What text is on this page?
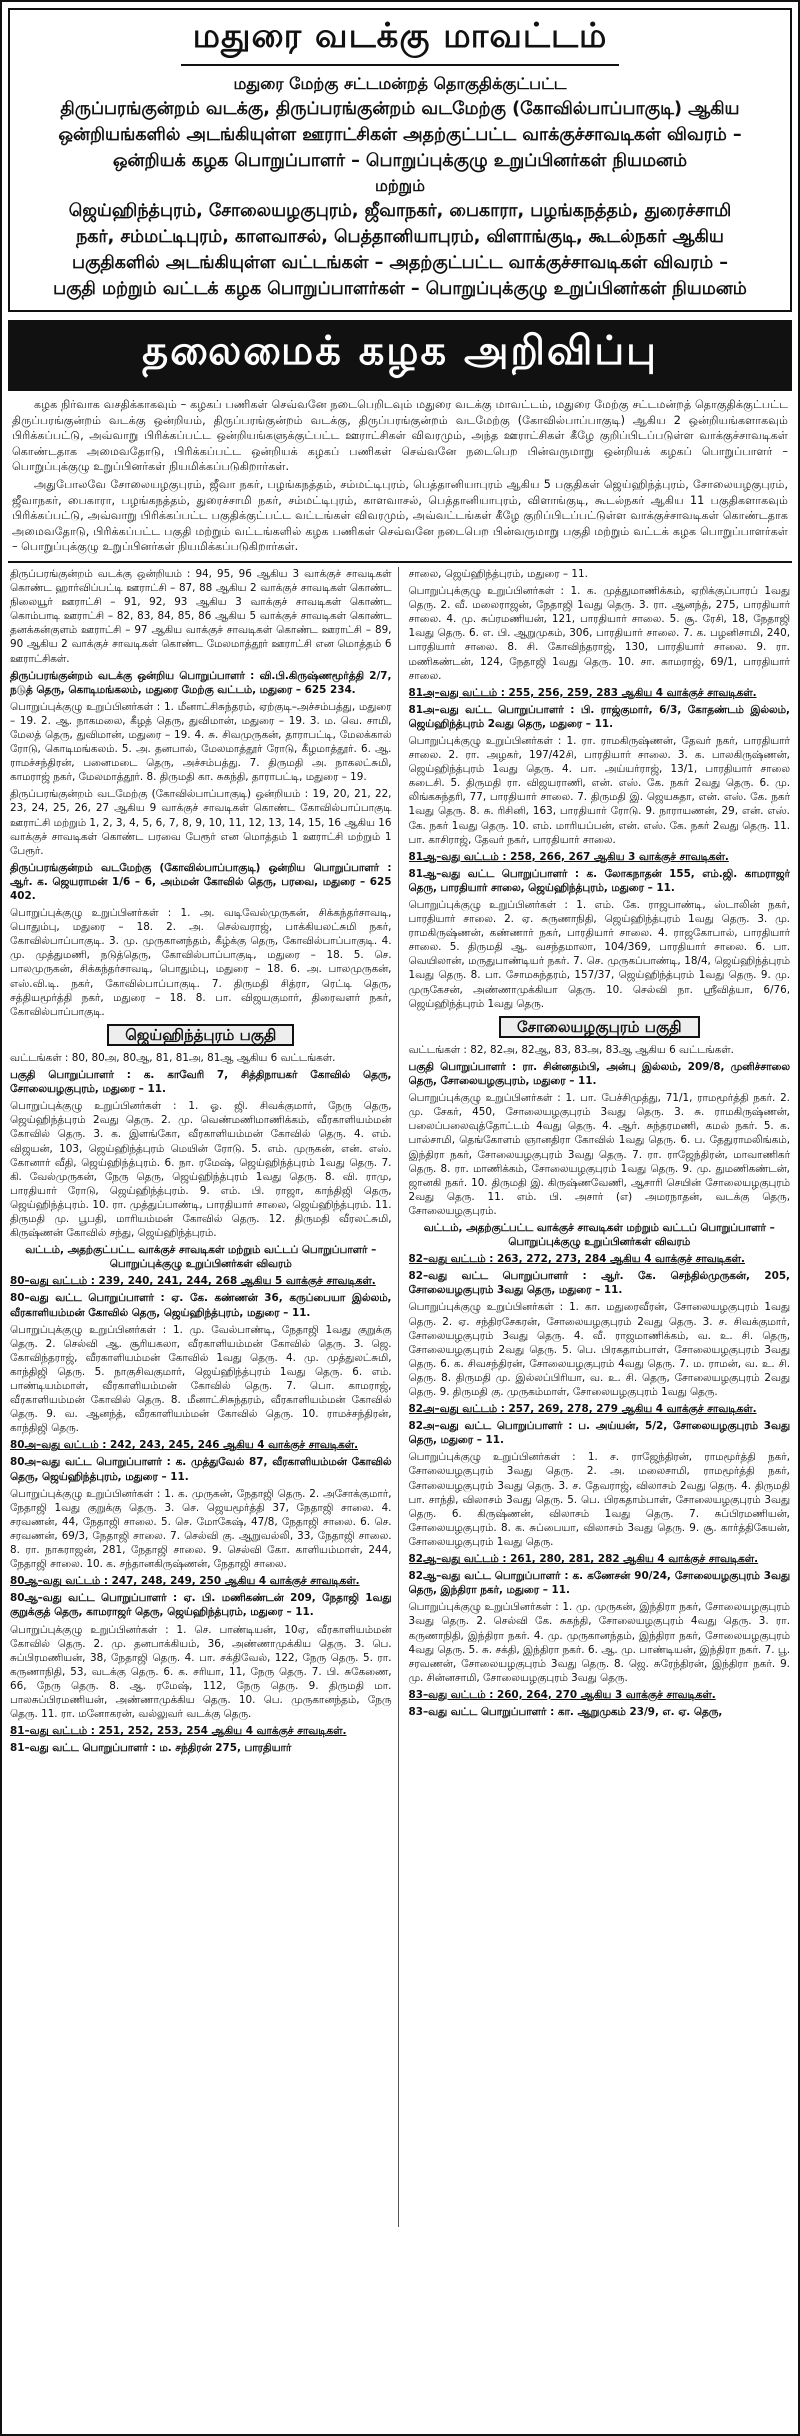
மதுரை வடக்கு மாவட்டம்

மதுரை மேற்கு சட்டமன்றத் தொகுதிக்குட்பட்ட

திருப்பரங்குன்றம் வடக்கு, திருப்பரங்குன்றம் வடமேற்கு (கோவில்பாப்பாகுடி) ஆகிய

ஒன்றியங்களில் அடங்கியுள்ள ஊராட்சிகள் அதற்குட்பட்ட வாக்குச்சாவடிகள் விவரம் –

ஒன்றியக் கழக பொறுப்பாளர் – பொறுப்புக்குழு உறுப்பினர்கள் நியமனம்

மற்றும்

ஜெய்ஹிந்த்புரம், சோலையழகுபுரம், ஜீவாநகர், பைகாரா, பழங்கநத்தம், துரைச்சாமி

நகர், சம்மட்டிபுரம், காளவாசல், பெத்தானியாபுரம், விளாங்குடி, கூடல்நகர் ஆகிய

பகுதிகளில் அடங்கியுள்ள வட்டங்கள் – அதற்குட்பட்ட வாக்குச்சாவடிகள் விவரம் –

பகுதி மற்றும் வட்டக் கழக பொறுப்பாளர்கள் – பொறுப்புக்குழு உறுப்பினர்கள் நியமனம்

தலைமைக் கழக அறிவிப்பு

கழக நிர்வாக வசதிக்காகவும் – கழகப் பணிகள் செவ்வனே நடைபெறிடவும் மதுரை வடக்கு மாவட்டம், மதுரை மேற்கு சட்டமன்றத் தொகுதிக்குட்பட்ட திருப்பரங்குன்றம் வடக்கு ஒன்றியம், திருப்பரங்குன்றம் வடக்கு, திருப்பரங்குன்றம் வடமேற்கு (கோவில்பாப்பாகுடி) ஆகிய 2 ஒன்றியங்களாகவும் பிரிக்கப்பட்டு, அவ்வாறு பிரிக்கப்பட்ட ஒன்றியங்களுக்குட்பட்ட ஊராட்சிகள் விவரமும், அந்த ஊராட்சிகள் கீழே குறிப்பிடப்படுள்ள வாக்குச்சாவடிகள் கொண்டதாக அமைவதோடு, பிரிக்கப்பட்ட ஒன்றியக் கழகப் பணிகள் செவ்வனே நடைபெற பின்வருமாறு ஒன்றியக் கழகப் பொறுப்பாளர் – பொறுப்புக்குழு உறுப்பினர்கள் நியமிக்கப்படுகிறார்கள்.

அதுபோலவே சோலையழகுபுரம், ஜீவா நகர், பழங்கநத்தம், சம்மட்டிபுரம், பெத்தானியாபுரம் ஆகிய 5 பகுதிகள் ஜெய்ஹிந்த்புரம், சோலையழகுபுரம், ஜீவாநகர், பைகாரா, பழங்கநத்தம், துரைச்சாமி நகர், சம்மட்டிபுரம், காளவாசல், பெத்தானியாபுரம், விளாங்குடி, கூடல்நகர் ஆகிய 11 பகுதிகளாகவும் பிரிக்கப்பட்டு, அவ்வாறு பிரிக்கப்பட்ட பகுதிக்குட்பட்ட வட்டங்கள் விவரமும், அவ்வட்டங்கள் கீழே குறிப்பிடப்பட்டுள்ள வாக்குச்சாவடிகள் கொண்டதாக அமைவதோடு, பிரிக்கப்பட்ட பகுதி மற்றும் வட்டங்களில் கழக பணிகள் செவ்வனே நடைபெற பின்வருமாறு பகுதி மற்றும் வட்டக் கழக பொறுப்பாளர்கள் – பொறுப்புக்குழு உறுப்பினர்கள் நியமிக்கப்படுகிறார்கள்.

திருப்பரங்குன்றம் வடக்கு ஒன்றியம் : 94, 95, 96 ஆகிய 3 வாக்குச் சாவடிகள் கொண்ட ஹார்விப்பட்டி ஊராட்சி – 87, 88 ஆகிய 2 வாக்குச் சாவடிகள் கொண்ட நிலையூர் ஊராட்சி – 91, 92, 93 ஆகிய 3 வாக்குச் சாவடிகள் கொண்ட கொம்பாடி ஊராட்சி – 82, 83, 84, 85, 86 ஆகிய 5 வாக்குச் சாவடிகள் கொண்ட தனக்கன்குளம் ஊராட்சி – 97 ஆகிய வாக்குச் சாவடிகள் கொண்ட ஊராட்சி – 89, 90 ஆகிய 2 வாக்குச் சாவடிகள் கொண்ட மேலமாத்தூர் ஊராட்சி என மொத்தம் 6 ஊராட்சிகள்.

திருப்பரங்குன்றம் வடக்கு ஒன்றிய பொறுப்பாளர் : வி.பி.கிருஷ்ணமூர்த்தி 2/7, நடுத் தெரு, கொடிமங்கலம், மதுரை மேற்கு வட்டம், மதுரை – 625 234.

பொறுப்புக்குழு உறுப்பினர்கள் : 1. மீனாட்சிசுந்தரம், ஏற்குடி–அச்சம்பத்து, மதுரை – 19. 2. ஆ. நாகமலை, கீழத் தெரு, துவிமான், மதுரை – 19. 3. ம. வெ. சாமி, மேலத் தெரு, துவிமான், மதுரை – 19. 4. சு. சிவமுருகன், தாராபட்டி, மேலக்கால் ரோடு, கொடிமங்கலம். 5. அ. தனபால், மேலமாத்தூர் ரோடு, கீழமாத்தூர். 6. ஆ. ராமச்சந்திரன், பனைமடை தெரு, அச்சம்பத்து. 7. திருமதி அ. நாகலட்சுமி, காமராஜ் நகர், மேலமாத்தூர். 8. திருமதி கா. சுகந்தி, தாராபட்டி, மதுரை – 19.

திருப்பரங்குன்றம் வடமேற்கு (கோவில்பாப்பாகுடி) ஒன்றியம் : 19, 20, 21, 22, 23, 24, 25, 26, 27 ஆகிய 9 வாக்குச் சாவடிகள் கொண்ட கோவில்பாப்பாகுடி ஊராட்சி மற்றும் 1, 2, 3, 4, 5, 6, 7, 8, 9, 10, 11, 12, 13, 14, 15, 16 ஆகிய 16 வாக்குச் சாவடிகள் கொண்ட பரவை பேரூர் என மொத்தம் 1 ஊராட்சி மற்றும் 1 பேரூர்.

திருப்பரங்குன்றம் வடமேற்கு (கோவில்பாப்பாகுடி) ஒன்றிய பொறுப்பாளர் : ஆர். க. ஜெயராமன் 1/6 – 6, அம்மன் கோவில் தெரு, பரவை, மதுரை – 625 402.

பொறுப்புக்குழு உறுப்பினர்கள் : 1. அ. வடிவேல்முருகன், சிக்கந்தர்சாவடி, பொதும்பு, மதுரை – 18. 2. அ. செல்வராஜ், பாக்கியலட்சுமி நகர், கோவில்பாப்பாகுடி. 3. மு. முருகானந்தம், கீழ்க்கு தெரு, கோவில்பாப்பாகுடி. 4. மு. முத்துமணி, நடுத்தெரு, கோவில்பாப்பாகுடி, மதுரை – 18. 5. செ. பாலமுருகன், சிக்கந்தர்சாவடி, பொதும்பு, மதுரை – 18. 6. அ. பாலமுருகன், எஸ்.வி.டி. நகர், கோவில்பாப்பாகுடி. 7. திருமதி சித்ரா, ரெட்டி தெரு, சத்தியமூர்த்தி நகர், மதுரை – 18. 8. பா. விஜயகுமார், திரைவளர் நகர், கோவில்பாப்பாகுடி.

ஜெய்ஹிந்த்புரம் பகுதி

வட்டங்கள் : 80, 80அ, 80ஆ, 81, 81அ, 81ஆ ஆகிய 6 வட்டங்கள்.

பகுதி பொறுப்பாளர் : க. காவேரி 7, சித்திநாயகர் கோவில் தெரு, சோலையழகுபுரம், மதுரை – 11.

பொறுப்புக்குழு உறுப்பினர்கள் : 1. ஓ. ஜி. சிவக்குமார், நேரு தெரு, ஜெய்ஹிந்த்புரம் 2வது தெரு. 2. மு. வெண்மணிமாணிக்கம், வீரகாளியம்மன் கோவில் தெரு. 3. க. இளங்கோ, வீரகாளியம்மன் கோவில் தெரு. 4. எம். விஜயன், 103, ஜெய்ஹிந்த்புரம் மெயின் ரோடு. 5. எம். முருகன், என். எஸ். கோனார் வீதி, ஜெய்ஹிந்த்புரம். 6. நா. ரமேஷ், ஜெய்ஹிந்த்புரம் 1வது தெரு. 7. கி. வேல்முருகன், நேரு தெரு, ஜெய்ஹிந்த்புரம் 1வது தெரு. 8. வி. ராமு, பாரதியார் ரோடு, ஜெய்ஹிந்த்புரம். 9. எம். பி. ராஜா, காந்திஜி தெரு, ஜெய்ஹிந்த்புரம். 10. ரா. முத்துப்பாண்டி, பாரதியார் சாலை, ஜெய்ஹிந்த்புரம். 11. திருமதி மு. பூபதி, மாரியம்மன் கோவில் தெரு. 12. திருமதி வீரலட்சுமி, கிருஷ்ணன் கோவில் சந்து, ஜெய்ஹிந்த்புரம்.

வட்டம், அதற்குட்பட்ட வாக்குச் சாவடிகள் மற்றும் வட்டப் பொறுப்பாளர் – பொறுப்புக்குழு உறுப்பினர்கள் விவரம்

80–வது வட்டம் : 239, 240, 241, 244, 268 ஆகிய 5 வாக்குச் சாவடிகள்.

80–வது வட்ட பொறுப்பாளர் : ஏ. கே. கண்ணன் 36, கருப்பையா இல்லம், வீரகாளியம்மன் கோவில் தெரு, ஜெய்ஹிந்த்புரம், மதுரை – 11.

பொறுப்புக்குழு உறுப்பினர்கள் : 1. மு. வேல்பாண்டி, நேதாஜி 1வது குறுக்கு தெரு. 2. செல்வி ஆ. சூரியகலா, வீரகாளியம்மன் கோவில் தெரு. 3. ஜெ. கோவிந்தராஜ், வீரகாளியம்மன் கோவில் 1வது தெரு. 4. மு. முத்துலட்சுமி, காந்திஜி தெரு. 5. நாகுசிவகுமார், ஜெய்ஹிந்த்புரம் 1வது தெரு. 6. எம். பாண்டியம்மாள், வீரகாளியம்மன் கோவில் தெரு. 7. பொ. காமராஜ், வீரகாளியம்மன் கோவில் தெரு. 8. மீனாட்சிசுந்தரம், வீரகாளியம்மன் கோவில் தெரு. 9. வ. ஆனந்த், வீரகாளியம்மன் கோவில் தெரு. 10. ராமச்சந்திரன், காந்திஜி தெரு.

80அ–வது வட்டம் : 242, 243, 245, 246 ஆகிய 4 வாக்குச் சாவடிகள்.

80அ–வது வட்ட பொறுப்பாளர் : க. முத்துவேல் 87, வீரகாளியம்மன் கோவில் தெரு, ஜெய்ஹிந்த்புரம், மதுரை – 11.

பொறுப்புக்குழு உறுப்பினர்கள் : 1. க. முருகன், நேதாஜி தெரு. 2. அசோக்குமார், நேதாஜி 1வது குறுக்கு தெரு. 3. செ. ஜெயமூர்த்தி 37, நேதாஜி சாலை. 4. சரவணன், 44, நேதாஜி சாலை. 5. செ. மோகேஷ், 47/8, நேதாஜி சாலை. 6. செ. சரவணன், 69/3, நேதாஜி சாலை. 7. செல்வி கு. ஆறுவல்லி, 33, நேதாஜி சாலை. 8. ரா. நாகராஜன், 281, நேதாஜி சாலை. 9. செல்வி கோ. காளியம்மாள், 244, நேதாஜி சாலை. 10. க. சந்தானகிருஷ்ணன், நேதாஜி சாலை.

80ஆ–வது வட்டம் : 247, 248, 249, 250 ஆகிய 4 வாக்குச் சாவடிகள்.

80ஆ–வது வட்ட பொறுப்பாளர் : ஏ. பி. மணிகண்டன் 209, நேதாஜி 1வது குறுக்குத் தெரு, காமராஜர் தெரு, ஜெய்ஹிந்த்புரம், மதுரை – 11.

பொறுப்புக்குழு உறுப்பினர்கள் : 1. செ. பாண்டியன், 10ஏ, வீரகாளியம்மன் கோவில் தெரு. 2. மு. தனபாக்கியம், 36, அண்ணாமுக்கிய தெரு. 3. பெ. சுப்பிரமணியன், 38, நேதாஜி தெரு. 4. பா. சக்திவேல், 122, நேரு தெரு. 5. ரா. கருணாநிதி, 53, வடக்கு தெரு. 6. க. சரியா, 11, நேரு தெரு. 7. பி. சுகேணை, 66, நேரு தெரு. 8. ஆ. ரமேஷ், 112, நேரு தெரு. 9. திருமதி மா. பாலசுப்பிரமணியன், அண்ணாமுக்கிய தெரு. 10. பெ. முருகானந்தம், நேரு தெரு. 11. ரா. மனோகரன், வல்லுவர் வடக்கு தெரு.

81–வது வட்டம் : 251, 252, 253, 254 ஆகிய 4 வாக்குச் சாவடிகள்.

81–வது வட்ட பொறுப்பாளர் : ம. சந்திரன் 275, பாரதியார்

சாலை, ஜெய்ஹிந்த்புரம், மதுரை – 11.

பொறுப்புக்குழு உறுப்பினர்கள் : 1. க. முத்துமாணிக்கம், ஏறிக்குப்பாரப் 1வது தெரு. 2. வீ. மலைராஜன், நேதாஜி 1வது தெரு. 3. ரா. ஆனந்த், 275, பாரதியார் சாலை. 4. மு. சுப்ரமணியன், 121, பாரதியார் சாலை. 5. சூ. ரேசி, 18, நேதாஜி 1வது தெரு. 6. எ. பி. ஆறுமுகம், 306, பாரதியார் சாலை. 7. க. பழனிசாமி, 240, பாரதியார் சாலை. 8. சி. கோவிந்தராஜ், 130, பாரதியார் சாலை. 9. ரா. மணிகண்டன், 124, நேதாஜி 1வது தெரு. 10. சா. காமராஜ், 69/1, பாரதியார் சாலை.

81அ–வது வட்டம் : 255, 256, 259, 283 ஆகிய 4 வாக்குச் சாவடிகள்.

81அ–வது வட்ட பொறுப்பாளர் : பி. ராஜ்குமார், 6/3, கோதண்டம் இல்லம், ஜெய்ஹிந்த்புரம் 2வது தெரு, மதுரை – 11.

பொறுப்புக்குழு உறுப்பினர்கள் : 1. ரா. ராமகிருஷ்ணன், தேவர் நகர், பாரதியார் சாலை. 2. ரா. அழகர், 197/42சி, பாரதியார் சாலை. 3. க. பாலகிருஷ்ணன், ஜெய்ஹிந்த்புரம் 1வது தெரு. 4. பா. அய்யர்ராஜ், 13/1, பாரதியார் சாலை கடைசி. 5. திருமதி ரா. விஜயராணி, என். எஸ். கே. நகர் 2வது தெரு. 6. மு. லிங்கசுந்தரி, 77, பாரதியார் சாலை. 7. திருமதி இ. ஜெயசுதா, என். எஸ். கே. நகர் 1வது தெரு. 8. சு. ரிசினி, 163, பாரதியார் ரோடு. 9. நாராயணன், 29, என். எஸ். கே. நகர் 1வது தெரு. 10. எம். மாரியப்பன், என். எஸ். கே. நகர் 2வது தெரு. 11. பா. காசிராஜ், தேவர் நகர், பாரதியார் சாலை.

81ஆ–வது வட்டம் : 258, 266, 267 ஆகிய 3 வாக்குச் சாவடிகள்.

81ஆ–வது வட்ட பொறுப்பாளர் : க. லோகநாதன் 155, எம்.ஜி. காமராஜர் தெரு, பாரதியார் சாலை, ஜெய்ஹிந்த்புரம், மதுரை – 11.

பொறுப்புக்குழு உறுப்பினர்கள் : 1. எம். கே. ராஜபாண்டி, ஸ்டாலின் நகர், பாரதியார் சாலை. 2. ஏ. சுருணாநிதி, ஜெய்ஹிந்த்புரம் 1வது தெரு. 3. மு. ராமகிருஷ்ணன், கண்ணார் நகர், பாரதியார் சாலை. 4. ராஜகோபால், பாரதியார் சாலை. 5. திருமதி ஆ. வசந்தமாலா, 104/369, பாரதியார் சாலை. 6. பா. வெயிலான், மருதுபாண்டியர் நகர். 7. செ. முருகப்பாண்டி, 18/4, ஜெய்ஹிந்த்புரம் 1வது தெரு. 8. பா. சோமசுந்தரம், 157/37, ஜெய்ஹிந்த்புரம் 1வது தெரு. 9. மு. முருகேசன், அண்ணாமுக்கியா தெரு. 10. செல்வி நா. ஸ்ரீவித்யா, 6/76, ஜெய்ஹிந்த்புரம் 1வது தெரு.

சோலையழகுபுரம் பகுதி

வட்டங்கள் : 82, 82அ, 82ஆ, 83, 83அ, 83ஆ ஆகிய 6 வட்டங்கள்.

பகுதி பொறுப்பாளர் : ரா. சின்னதம்பி, அன்பு இல்லம், 209/8, முனிச்சாலை தெரு, சோலையழகுபுரம், மதுரை – 11.

பொறுப்புக்குழு உறுப்பினர்கள் : 1. பா. பேச்சிமுத்து, 71/1, ராமமூர்த்தி நகர். 2. மு. சேகர், 450, சோலையழகுபுரம் 3வது தெரு. 3. சு. ராமகிருஷ்ணன், பலைப்பலைவுத்தோட்டம் 4வது தெரு. 4. ஆர். சுந்தரமணி, கமல் நகர். 5. க. பால்சாமி, தெங்கோளம் ஞானதிரா கோவில் 1வது தெரு. 6. ப. தேதுராமலிங்கம், இந்திரா நகர், சோலையழகுபுரம் 3வது தெரு. 7. ரா. ராஜேந்திரன், மாவாணிகர் தெரு. 8. ரா. மாணிக்கம், சோலையழகுபுரம் 1வது தெரு. 9. மு. துமணிகண்டன், ஜானகி நகர். 10. திருமதி இ. கிருஷ்ணவேணி, ஆசாரி செயின் சோலையழகுபுரம் 2வது தெரு. 11. எம். பி. அசார் (எ) அமரநாதன், வடக்கு தெரு, சோலையழகுபுரம்.

வட்டம், அதற்குட்பட்ட வாக்குச் சாவடிகள் மற்றும் வட்டப் பொறுப்பாளர் – பொறுப்புக்குழு உறுப்பினர்கள் விவரம்

82–வது வட்டம் : 263, 272, 273, 284 ஆகிய 4 வாக்குச் சாவடிகள்.

82–வது வட்ட பொறுப்பாளர் : ஆர். கே. செந்தில்முருகன், 205, சோலையழகுபுரம் 3வது தெரு, மதுரை – 11.

பொறுப்புக்குழு உறுப்பினர்கள் : 1. கா. மதுரைவீரன், சோலையழகுபுரம் 1வது தெரு. 2. ஏ. சந்திரசேகரன், சோலையழகுபுரம் 2வது தெரு. 3. ச. சிவக்குமார், சோலையழகுபுரம் 3வது தெரு. 4. வீ. ராஜமாணிக்கம், வ. உ. சி. தெரு, சோலையழகுபுரம் 2வது தெரு. 5. பெ. பிரகதாம்பாள், சோலையழகுபுரம் 3வது தெரு. 6. க. சிவசந்திரன், சோலையழகுபுரம் 4வது தெரு. 7. ம. ராமன், வ. உ. சி. தெரு. 8. திருமதி மு. இல்லப்பிரியா, வ. உ. சி. தெரு, சோலையழகுபுரம் 2வது தெரு. 9. திருமதி கு. முருகம்மாள், சோலையழகுபுரம் 1வது தெரு.

82அ–வது வட்டம் : 257, 269, 278, 279 ஆகிய 4 வாக்குச் சாவடிகள்.

82அ–வது வட்ட பொறுப்பாளர் : ப. அய்யன், 5/2, சோலையழகுபுரம் 3வது தெரு, மதுரை – 11.

பொறுப்புக்குழு உறுப்பினர்கள் : 1. ச. ராஜேந்திரன், ராமமூர்த்தி நகர், சோலையழகுபுரம் 3வது தெரு. 2. அ. மலைசாமி, ராமமூர்த்தி நகர், சோலையழகுபுரம் 3வது தெரு. 3. ச. தேவராஜ், விலாசம் 2வது தெரு. 4. திருமதி பா. சாந்தி, விலாசம் 3வது தெரு. 5. பெ. பிரகதாம்பாள், சோலையழகுபுரம் 3வது தெரு. 6. கிருஷ்ணன், விலாசம் 1வது தெரு. 7. சுப்பிரமணியன், சோலையழகுபுரம். 8. க. சுப்பையா, விலாசம் 3வது தெரு. 9. சூ. கார்த்திகேயன், சோலையழகுபுரம் 1வது தெரு.

82ஆ–வது வட்டம் : 261, 280, 281, 282 ஆகிய 4 வாக்குச் சாவடிகள்.

82ஆ–வது வட்ட பொறுப்பாளர் : க. கணேசன் 90/24, சோலையழகுபுரம் 3வது தெரு, இந்திரா நகர், மதுரை – 11.

பொறுப்புக்குழு உறுப்பினர்கள் : 1. மு. முருகன், இந்திரா நகர், சோலையழகுபுரம் 3வது தெரு. 2. செல்வி கே. சுகந்தி, சோலையழகுபுரம் 4வது தெரு. 3. ரா. கருணாநிதி, இந்திரா நகர். 4. மு. முருகானந்தம், இந்திரா நகர், சோலையழகுபுரம் 4வது தெரு. 5. சு. சக்தி, இந்திரா நகர். 6. ஆ. மு. பாண்டியன், இந்திரா நகர். 7. பூ. சரவணன், சோலையழகுபுரம் 3வது தெரு. 8. ஜெ. சுரேந்திரன், இந்திரா நகர். 9. மு. சின்னசாமி, சோலையழகுபுரம் 3வது தெரு.

83–வது வட்டம் : 260, 264, 270 ஆகிய 3 வாக்குச் சாவடிகள்.

83–வது வட்ட பொறுப்பாளர் : கா. ஆறுமுகம் 23/9, எ. ஏ. தெரு,
